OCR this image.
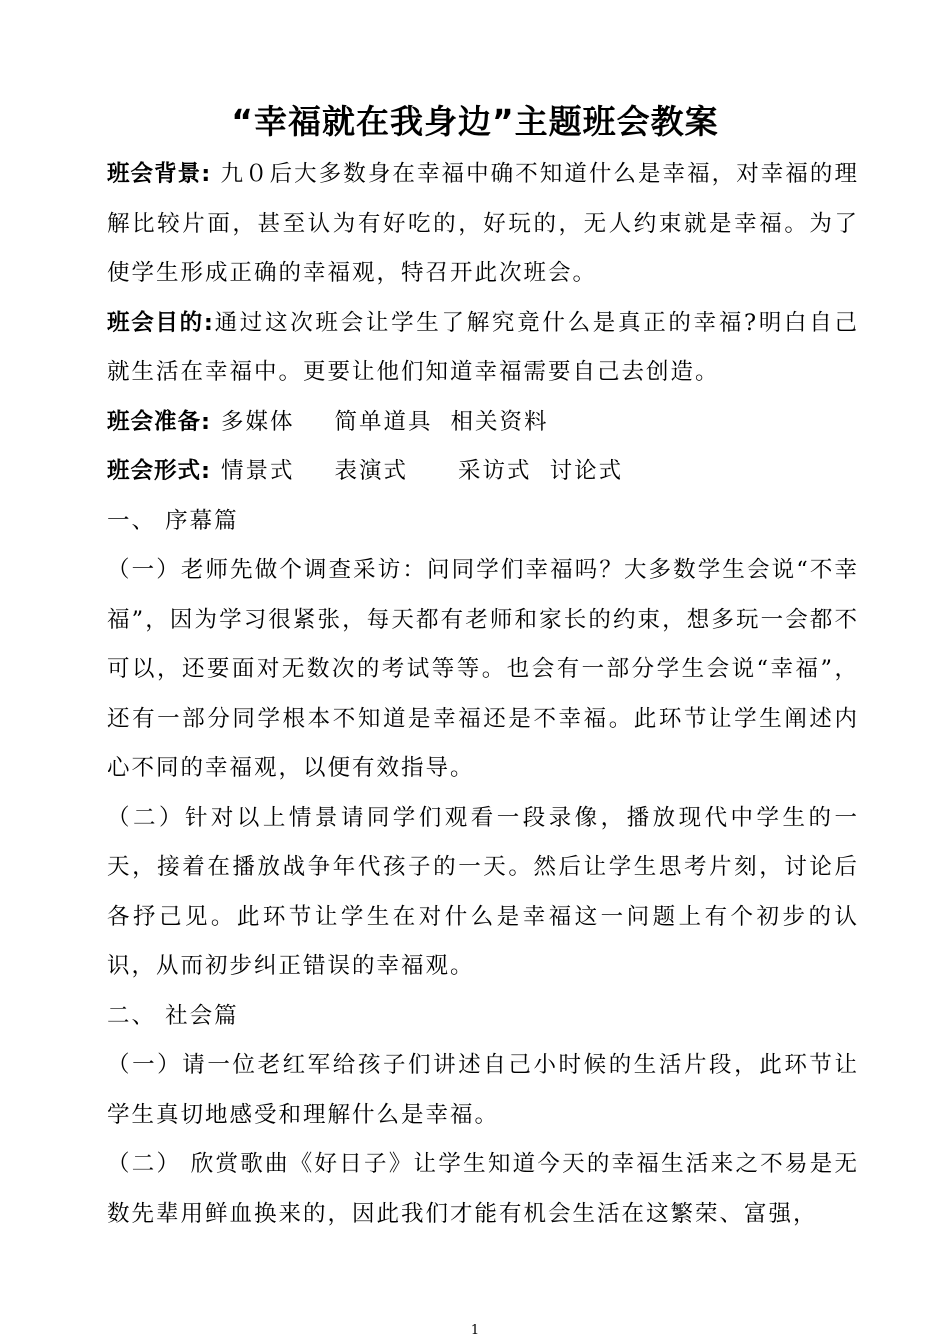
“幸福就在我身边”主题班会教案

班会背景: 九０后大多数身在幸福中确不知道什么是幸福，对幸福的理解比较片面，甚至认为有好吃的，好玩的，无人约束就是幸福。为了使学生形成正确的幸福观，特召开此次班会。

班会目的:通过这次班会让学生了解究竟什么是真正的幸福?明白自己就生活在幸福中。更要让他们知道幸福需要自己去创造。

班会准备: 多媒体 简单道具 相关资料

班会形式: 情景式 表演式 采访式 讨论式

一、 序幕篇

（一）老师先做个调查采访：问同学们幸福吗？大多数学生会说“不幸福”，因为学习很紧张，每天都有老师和家长的约束，想多玩一会都不可以，还要面对无数次的考试等等。也会有一部分学生会说“幸福”，还有一部分同学根本不知道是幸福还是不幸福。此环节让学生阐述内心不同的幸福观，以便有效指导。

（二）针对以上情景请同学们观看一段录像，播放现代中学生的一天，接着在播放战争年代孩子的一天。然后让学生思考片刻，讨论后各抒己见。此环节让学生在对什么是幸福这一问题上有个初步的认识，从而初步纠正错误的幸福观。

二、 社会篇

（一）请一位老红军给孩子们讲述自己小时候的生活片段，此环节让学生真切地感受和理解什么是幸福。

（二） 欣赏歌曲《好日子》让学生知道今天的幸福生活来之不易是无数先辈用鲜血换来的，因此我们才能有机会生活在这繁荣、富强，

1
